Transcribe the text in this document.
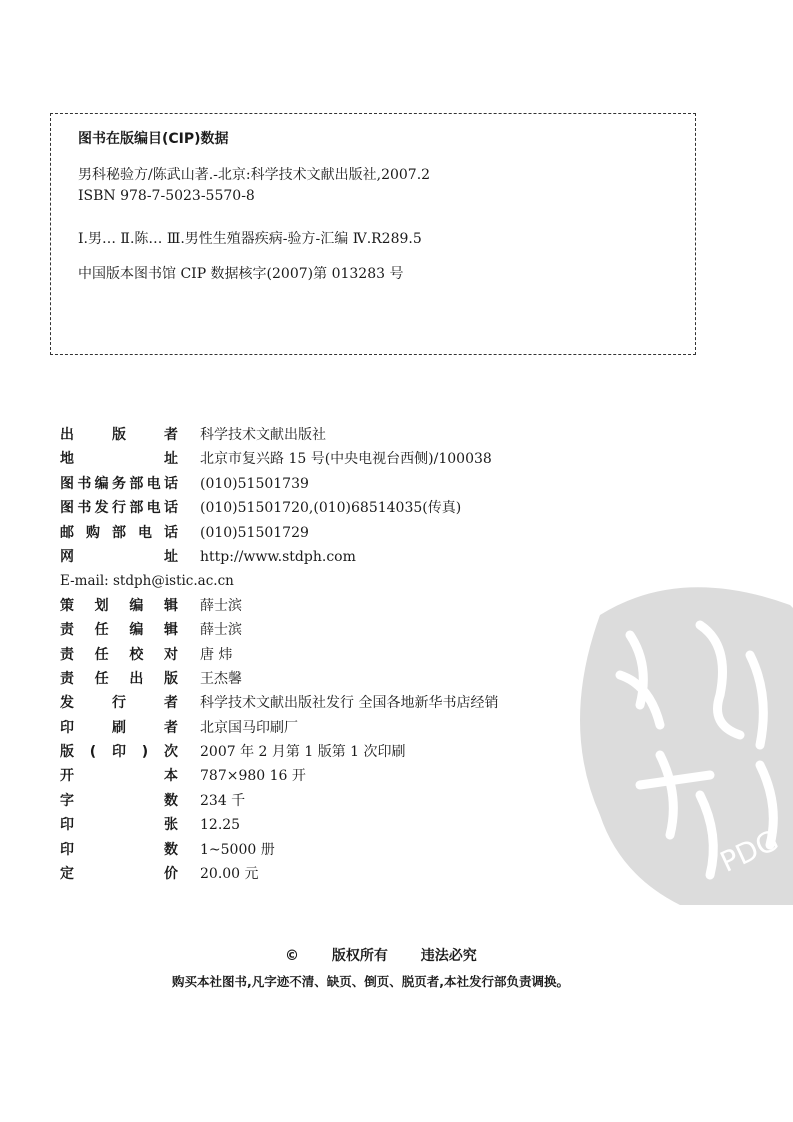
图书在版编目(CIP)数据
男科秘验方/陈武山著.-北京:科学技术文献出版社,2007.2
ISBN 978-7-5023-5570-8
Ⅰ.男… Ⅱ.陈… Ⅲ.男性生殖器疾病-验方-汇编 Ⅳ.R289.5
中国版本图书馆 CIP 数据核字(2007)第 013283 号
出版者 科学技术文献出版社
地址 北京市复兴路 15 号(中央电视台西侧)/100038
图书编务部电话 (010)51501739
图书发行部电话 (010)51501720,(010)68514035(传真)
邮购部电话 (010)51501729
网址 http://www.stdph.com
E-mail: stdph@istic.ac.cn
策划编辑 薛士滨
责任编辑 薛士滨
责任校对 唐 炜
责任出版 王杰馨
发行者 科学技术文献出版社发行 全国各地新华书店经销
印刷者 北京国马印刷厂
版(印)次 2007 年 2 月第 1 版第 1 次印刷
开本 787×980 16 开
字数 234 千
印张 12.25
印数 1~5000 册
定价 20.00 元	PDG
© 版权所有 违法必究
购买本社图书,凡字迹不清、缺页、倒页、脱页者,本社发行部负责调换。
